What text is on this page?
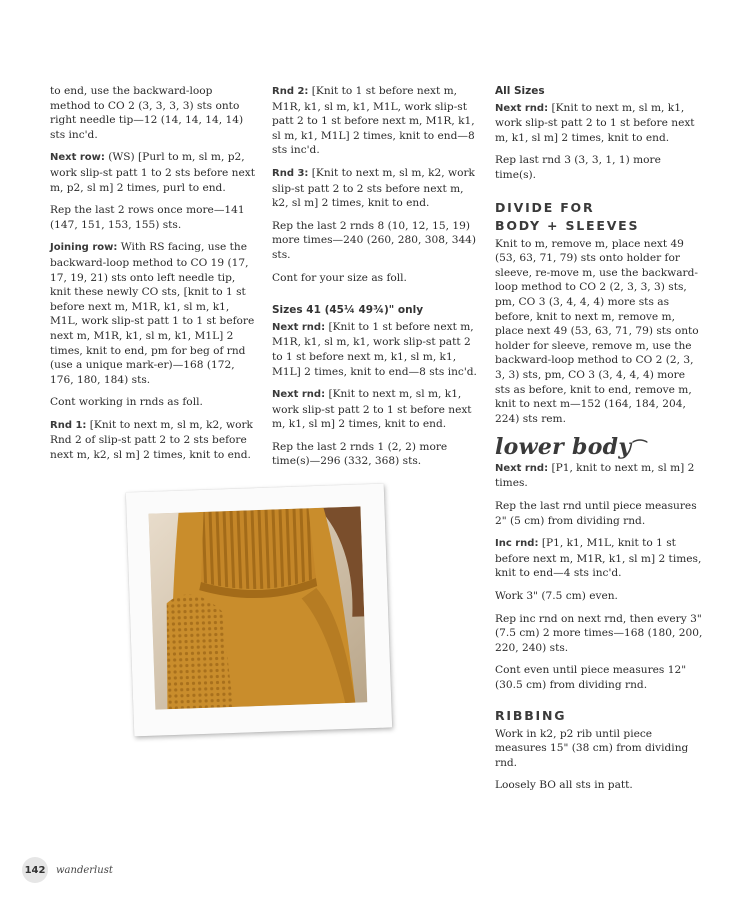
to end, use the backward-loop method to CO 2 (3, 3, 3, 3) sts onto right needle tip—12 (14, 14, 14, 14) sts inc'd.

Next row: (WS) [Purl to m, sl m, p2, work slip-st patt 1 to 2 sts before next m, p2, sl m] 2 times, purl to end.

Rep the last 2 rows once more—141 (147, 151, 153, 155) sts.

Joining row: With RS facing, use the backward-loop method to CO 19 (17, 17, 19, 21) sts onto left needle tip, knit these newly CO sts, [knit to 1 st before next m, M1R, k1, sl m, k1, M1L, work slip-st patt 1 to 1 st before next m, M1R, k1, sl m, k1, M1L] 2 times, knit to end, pm for beg of rnd (use a unique mark-er)—168 (172, 176, 180, 184) sts.

Cont working in rnds as foll.

Rnd 1: [Knit to next m, sl m, k2, work Rnd 2 of slip-st patt 2 to 2 sts before next m, k2, sl m] 2 times, knit to end.

Rnd 2: [Knit to 1 st before next m, M1R, k1, sl m, k1, M1L, work slip-st patt 2 to 1 st before next m, M1R, k1, sl m, k1, M1L] 2 times, knit to end—8 sts inc'd.

Rnd 3: [Knit to next m, sl m, k2, work slip-st patt 2 to 2 sts before next m, k2, sl m] 2 times, knit to end.

Rep the last 2 rnds 8 (10, 12, 15, 19) more times—240 (260, 280, 308, 344) sts.

Cont for your size as foll.

Sizes 41 (45¼ 49¾)" only

Next rnd: [Knit to 1 st before next m, M1R, k1, sl m, k1, work slip-st patt 2 to 1 st before next m, k1, sl m, k1, M1L] 2 times, knit to end—8 sts inc'd.

Next rnd: [Knit to next m, sl m, k1, work slip-st patt 2 to 1 st before next m, k1, sl m] 2 times, knit to end.

Rep the last 2 rnds 1 (2, 2) more time(s)—296 (332, 368) sts.

All Sizes

Next rnd: [Knit to next m, sl m, k1, work slip-st patt 2 to 1 st before next m, k1, sl m] 2 times, knit to end.

Rep last rnd 3 (3, 3, 1, 1) more time(s).

DIVIDE FOR
BODY + SLEEVES

Knit to m, remove m, place next 49 (53, 63, 71, 79) sts onto holder for sleeve, re-move m, use the backward-loop method to CO 2 (2, 3, 3, 3) sts, pm, CO 3 (3, 4, 4, 4) more sts as before, knit to next m, remove m, place next 49 (53, 63, 71, 79) sts onto holder for sleeve, remove m, use the backward-loop method to CO 2 (2, 3, 3, 3) sts, pm, CO 3 (3, 4, 4, 4) more sts as before, knit to end, remove m, knit to next m—152 (164, 184, 204, 224) sts rem.

lower body ⁀

Next rnd: [P1, knit to next m, sl m] 2 times.

Rep the last rnd until piece measures 2" (5 cm) from dividing rnd.

Inc rnd: [P1, k1, M1L, knit to 1 st before next m, M1R, k1, sl m] 2 times, knit to end—4 sts inc'd.

Work 3" (7.5 cm) even.

Rep inc rnd on next rnd, then every 3" (7.5 cm) 2 more times—168 (180, 200, 220, 240) sts.

Cont even until piece measures 12" (30.5 cm) from dividing rnd.

RIBBING

Work in k2, p2 rib until piece measures 15" (38 cm) from dividing rnd.

Loosely BO all sts in patt.

142 wanderlust
